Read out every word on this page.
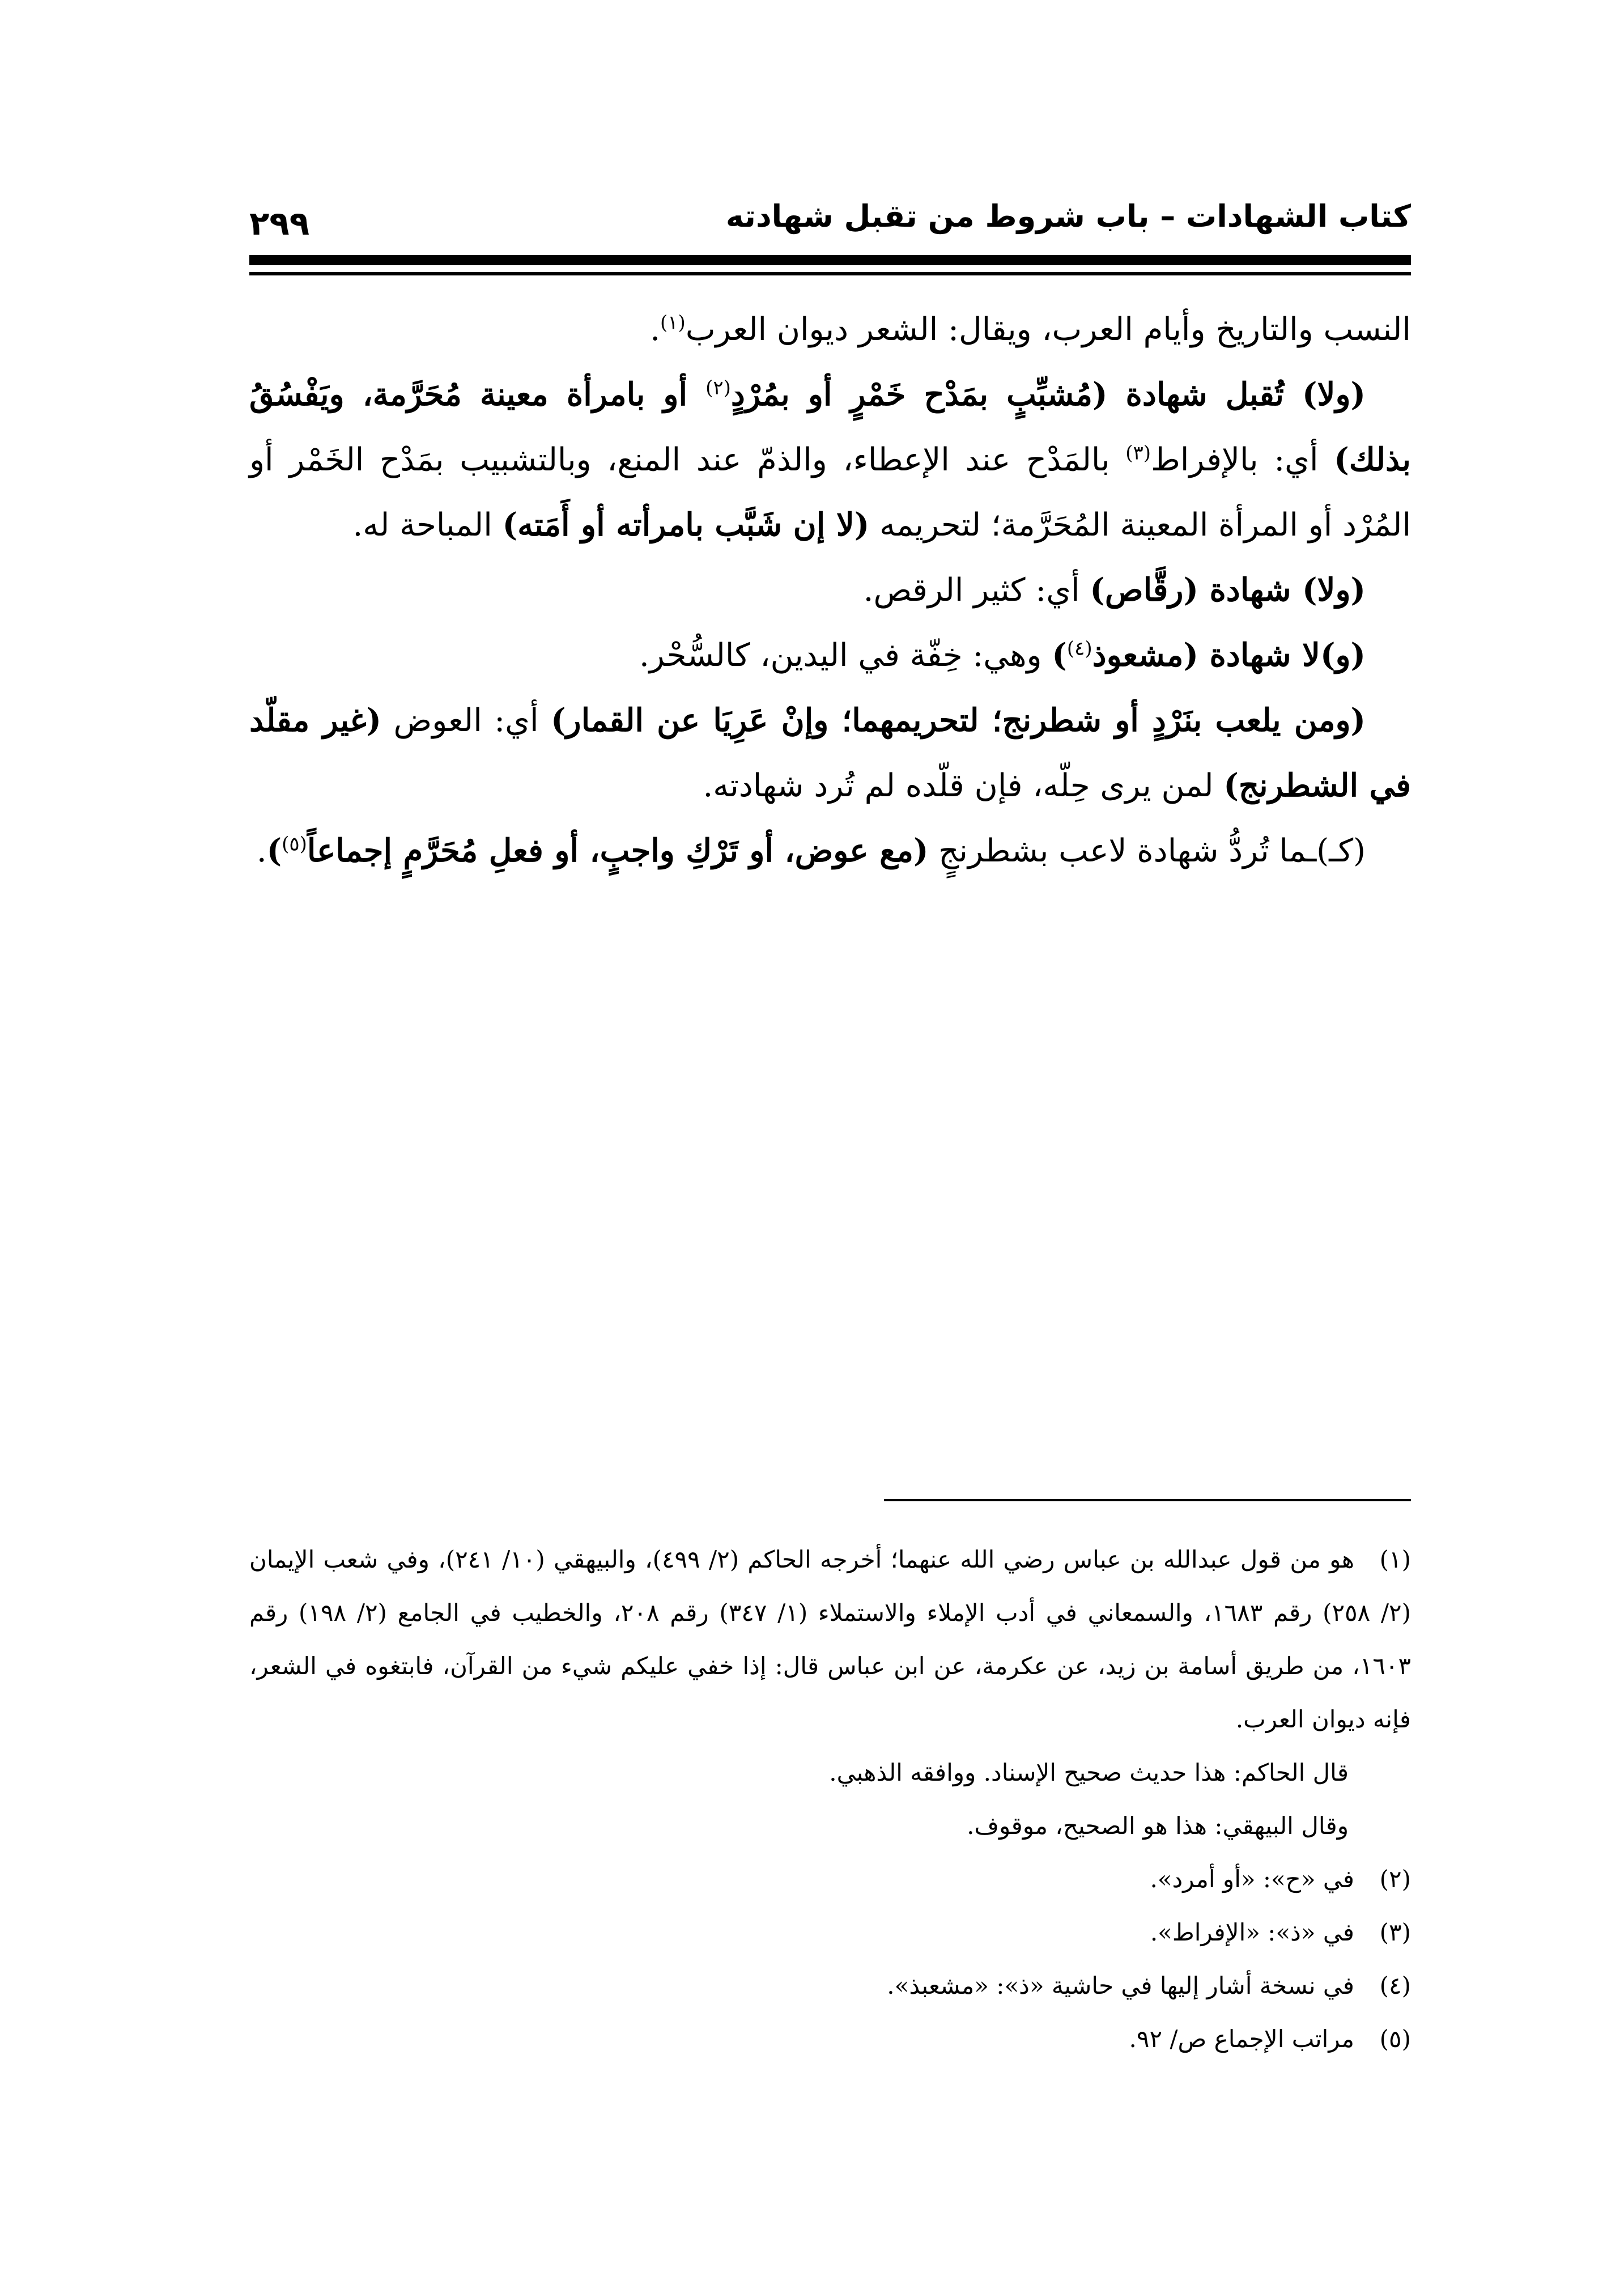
كتاب الشهادات – باب شروط من تقبل شهادته
٢٩٩

النسب والتاريخ وأيام العرب، ويقال: الشعر ديوان العرب$^{(١)}$.

(ولا) تُقبل شهادة (مُشبِّبٍ بمَدْح خَمْرٍ أو بمُرْدٍ$^{(٢)}$ أو بامرأة معينة مُحَرَّمة، ويَفْسُقُ بذلك) أي: بالإفراط$^{(٣)}$ بالمَدْح عند الإعطاء، والذمّ عند المنع، وبالتشبيب بمَدْح الخَمْر أو المُرْد أو المرأة المعينة المُحَرَّمة؛ لتحريمه (لا إن شَبَّب بامرأته أو أَمَته) المباحة له.

(ولا) شهادة (رقَّاص) أي: كثير الرقص.

(و)لا شهادة (مشعوذ$^{(٤)}$) وهي: خِفّة في اليدين، كالسُّحْر.

(ومن يلعب بنَرْدٍ أو شطرنج؛ لتحريمهما؛ وإنْ عَرِيَا عن القمار) أي: العوض (غير مقلّد في الشطرنج) لمن يرى حِلّه، فإن قلّده لم تُرد شهادته.

(كـ)ـما تُردُّ شهادة لاعب بشطرنجٍ (مع عوض، أو تَرْكِ واجبٍ، أو فعلِ مُحَرَّمٍ إجماعاً$^{(٥)}$).

(١)هو من قول عبدالله بن عباس رضي الله عنهما؛ أخرجه الحاكم (٢/ ٤٩٩)، والبيهقي (١٠/ ٢٤١)، وفي شعب الإيمان (٢/ ٢٥٨) رقم ١٦٨٣، والسمعاني في أدب الإملاء والاستملاء (١/ ٣٤٧) رقم ٢٠٨، والخطيب في الجامع (٢/ ١٩٨) رقم ١٦٠٣، من طريق أسامة بن زيد، عن عكرمة، عن ابن عباس قال: إذا خفي عليكم شيء من القرآن، فابتغوه في الشعر، فإنه ديوان العرب.

قال الحاكم: هذا حديث صحيح الإسناد. ووافقه الذهبي.

وقال البيهقي: هذا هو الصحيح، موقوف.

(٢)في «ح»: «أو أمرد».

(٣)في «ذ»: «الإفراط».

(٤)في نسخة أشار إليها في حاشية «ذ»: «مشعبذ».

(٥)مراتب الإجماع ص/ ٩٢.
